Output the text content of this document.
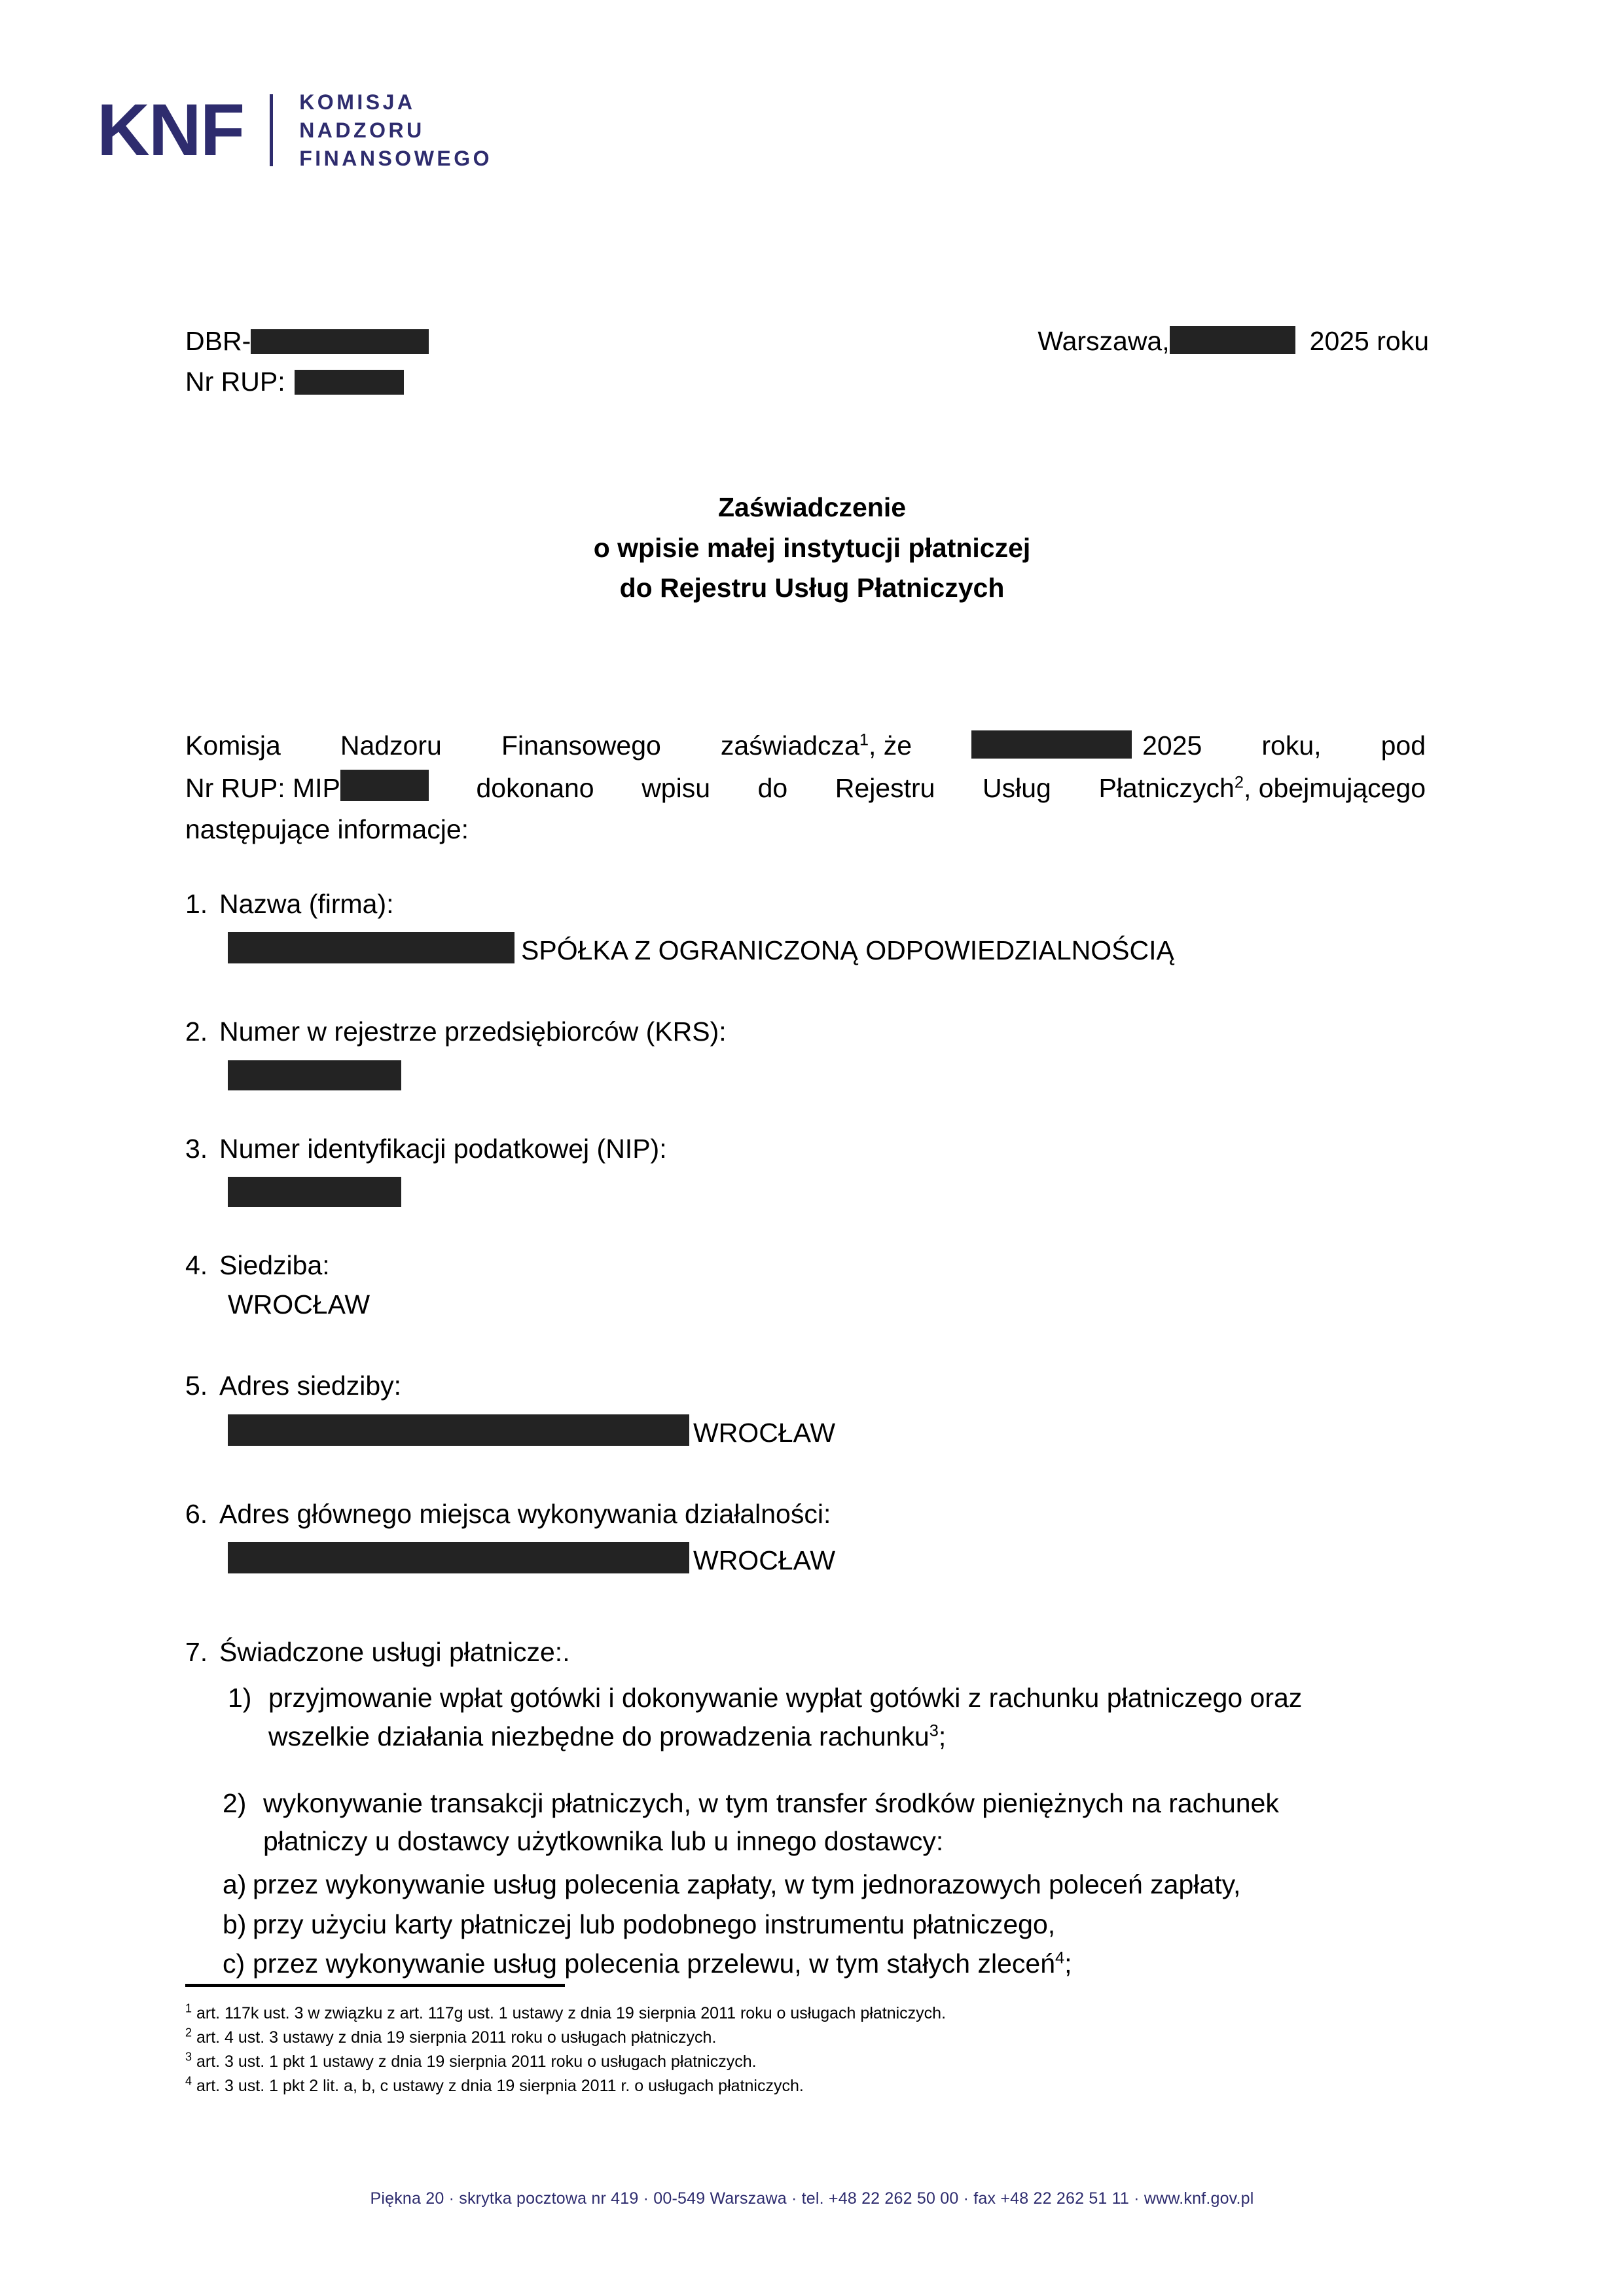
KNF	KOMISJA
NADZORU
FINANSOWEGO
DBR-	Warszawa,	2025 roku
Nr RUP:
Zaświadczenie
o wpisie małej instytucji płatniczej
do Rejestru Usług Płatniczych
Komisja Nadzoru Finansowego zaświadcza$^1$, że	2025 roku, pod
Nr RUP: MIP	dokonano wpisu do Rejestru Usług Płatniczych$^2$, obejmującego
następujące informacje:
1. Nazwa (firma):
SPÓŁKA Z OGRANICZONĄ ODPOWIEDZIALNOŚCIĄ
2. Numer w rejestrze przedsiębiorców (KRS):
3. Numer identyfikacji podatkowej (NIP):
4. Siedziba:
WROCŁAW
5. Adres siedziby:
WROCŁAW
6. Adres głównego miejsca wykonywania działalności:
WROCŁAW
7. Świadczone usługi płatnicze:.
1) przyjmowanie wpłat gotówki i dokonywanie wypłat gotówki z rachunku płatniczego oraz
wszelkie działania niezbędne do prowadzenia rachunku$^3$;
2) wykonywanie transakcji płatniczych, w tym transfer środków pieniężnych na rachunek
płatniczy u dostawcy użytkownika lub u innego dostawcy:
a) przez wykonywanie usług polecenia zapłaty, w tym jednorazowych poleceń zapłaty,
b) przy użyciu karty płatniczej lub podobnego instrumentu płatniczego,
c) przez wykonywanie usług polecenia przelewu, w tym stałych zleceń$^4$;
$^1$ art. 117k ust. 3 w związku z art. 117g ust. 1 ustawy z dnia 19 sierpnia 2011 roku o usługach płatniczych.
$^2$ art. 4 ust. 3 ustawy z dnia 19 sierpnia 2011 roku o usługach płatniczych.
$^3$ art. 3 ust. 1 pkt 1 ustawy z dnia 19 sierpnia 2011 roku o usługach płatniczych.
$^4$ art. 3 ust. 1 pkt 2 lit. a, b, c ustawy z dnia 19 sierpnia 2011 r. o usługach płatniczych.
Piękna 20 · skrytka pocztowa nr 419 · 00-549 Warszawa · tel. +48 22 262 50 00 · fax +48 22 262 51 11 · www.knf.gov.pl
